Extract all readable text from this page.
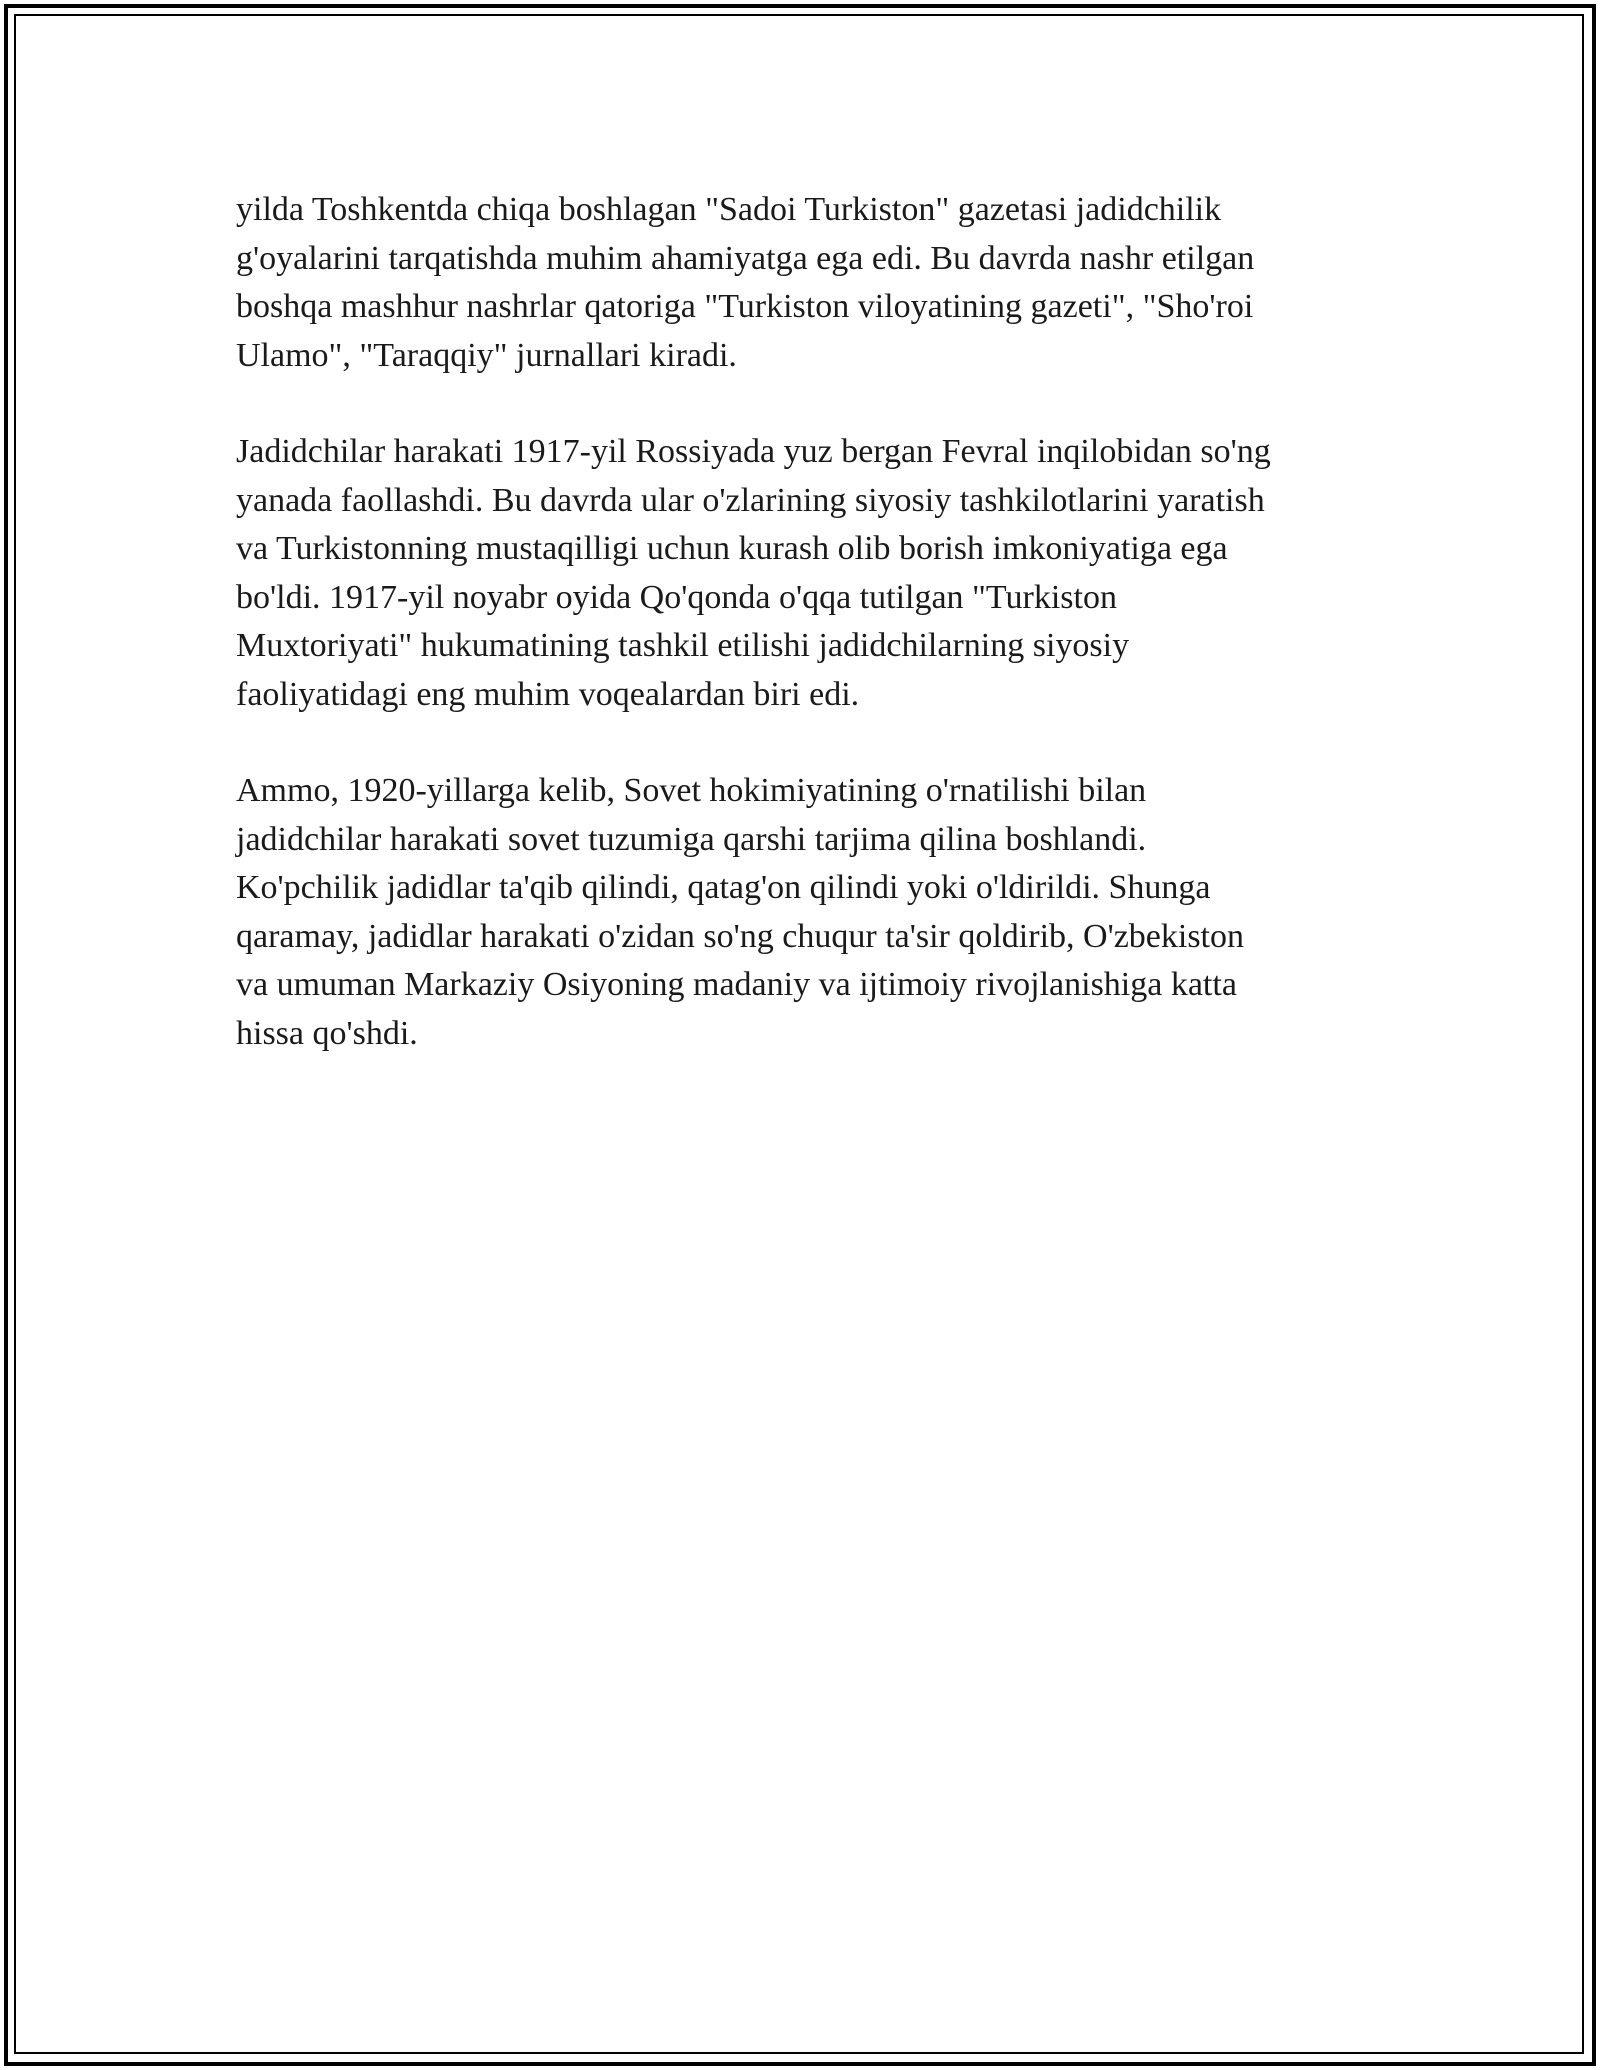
yilda Toshkentda chiqa boshlagan "Sadoi Turkiston" gazetasi jadidchilik
g'oyalarini tarqatishda muhim ahamiyatga ega edi. Bu davrda nashr etilgan
boshqa mashhur nashrlar qatoriga "Turkiston viloyatining gazeti", "Sho'roi
Ulamo", "Taraqqiy" jurnallari kiradi.

Jadidchilar harakati 1917-yil Rossiyada yuz bergan Fevral inqilobidan so'ng
yanada faollashdi. Bu davrda ular o'zlarining siyosiy tashkilotlarini yaratish
va Turkistonning mustaqilligi uchun kurash olib borish imkoniyatiga ega
bo'ldi. 1917-yil noyabr oyida Qo'qonda o'qqa tutilgan "Turkiston
Muxtoriyati" hukumatining tashkil etilishi jadidchilarning siyosiy
faoliyatidagi eng muhim voqealardan biri edi.

Ammo, 1920-yillarga kelib, Sovet hokimiyatining o'rnatilishi bilan
jadidchilar harakati sovet tuzumiga qarshi tarjima qilina boshlandi.
Ko'pchilik jadidlar ta'qib qilindi, qatag'on qilindi yoki o'ldirildi. Shunga
qaramay, jadidlar harakati o'zidan so'ng chuqur ta'sir qoldirib, O'zbekiston
va umuman Markaziy Osiyoning madaniy va ijtimoiy rivojlanishiga katta
hissa qo'shdi.
